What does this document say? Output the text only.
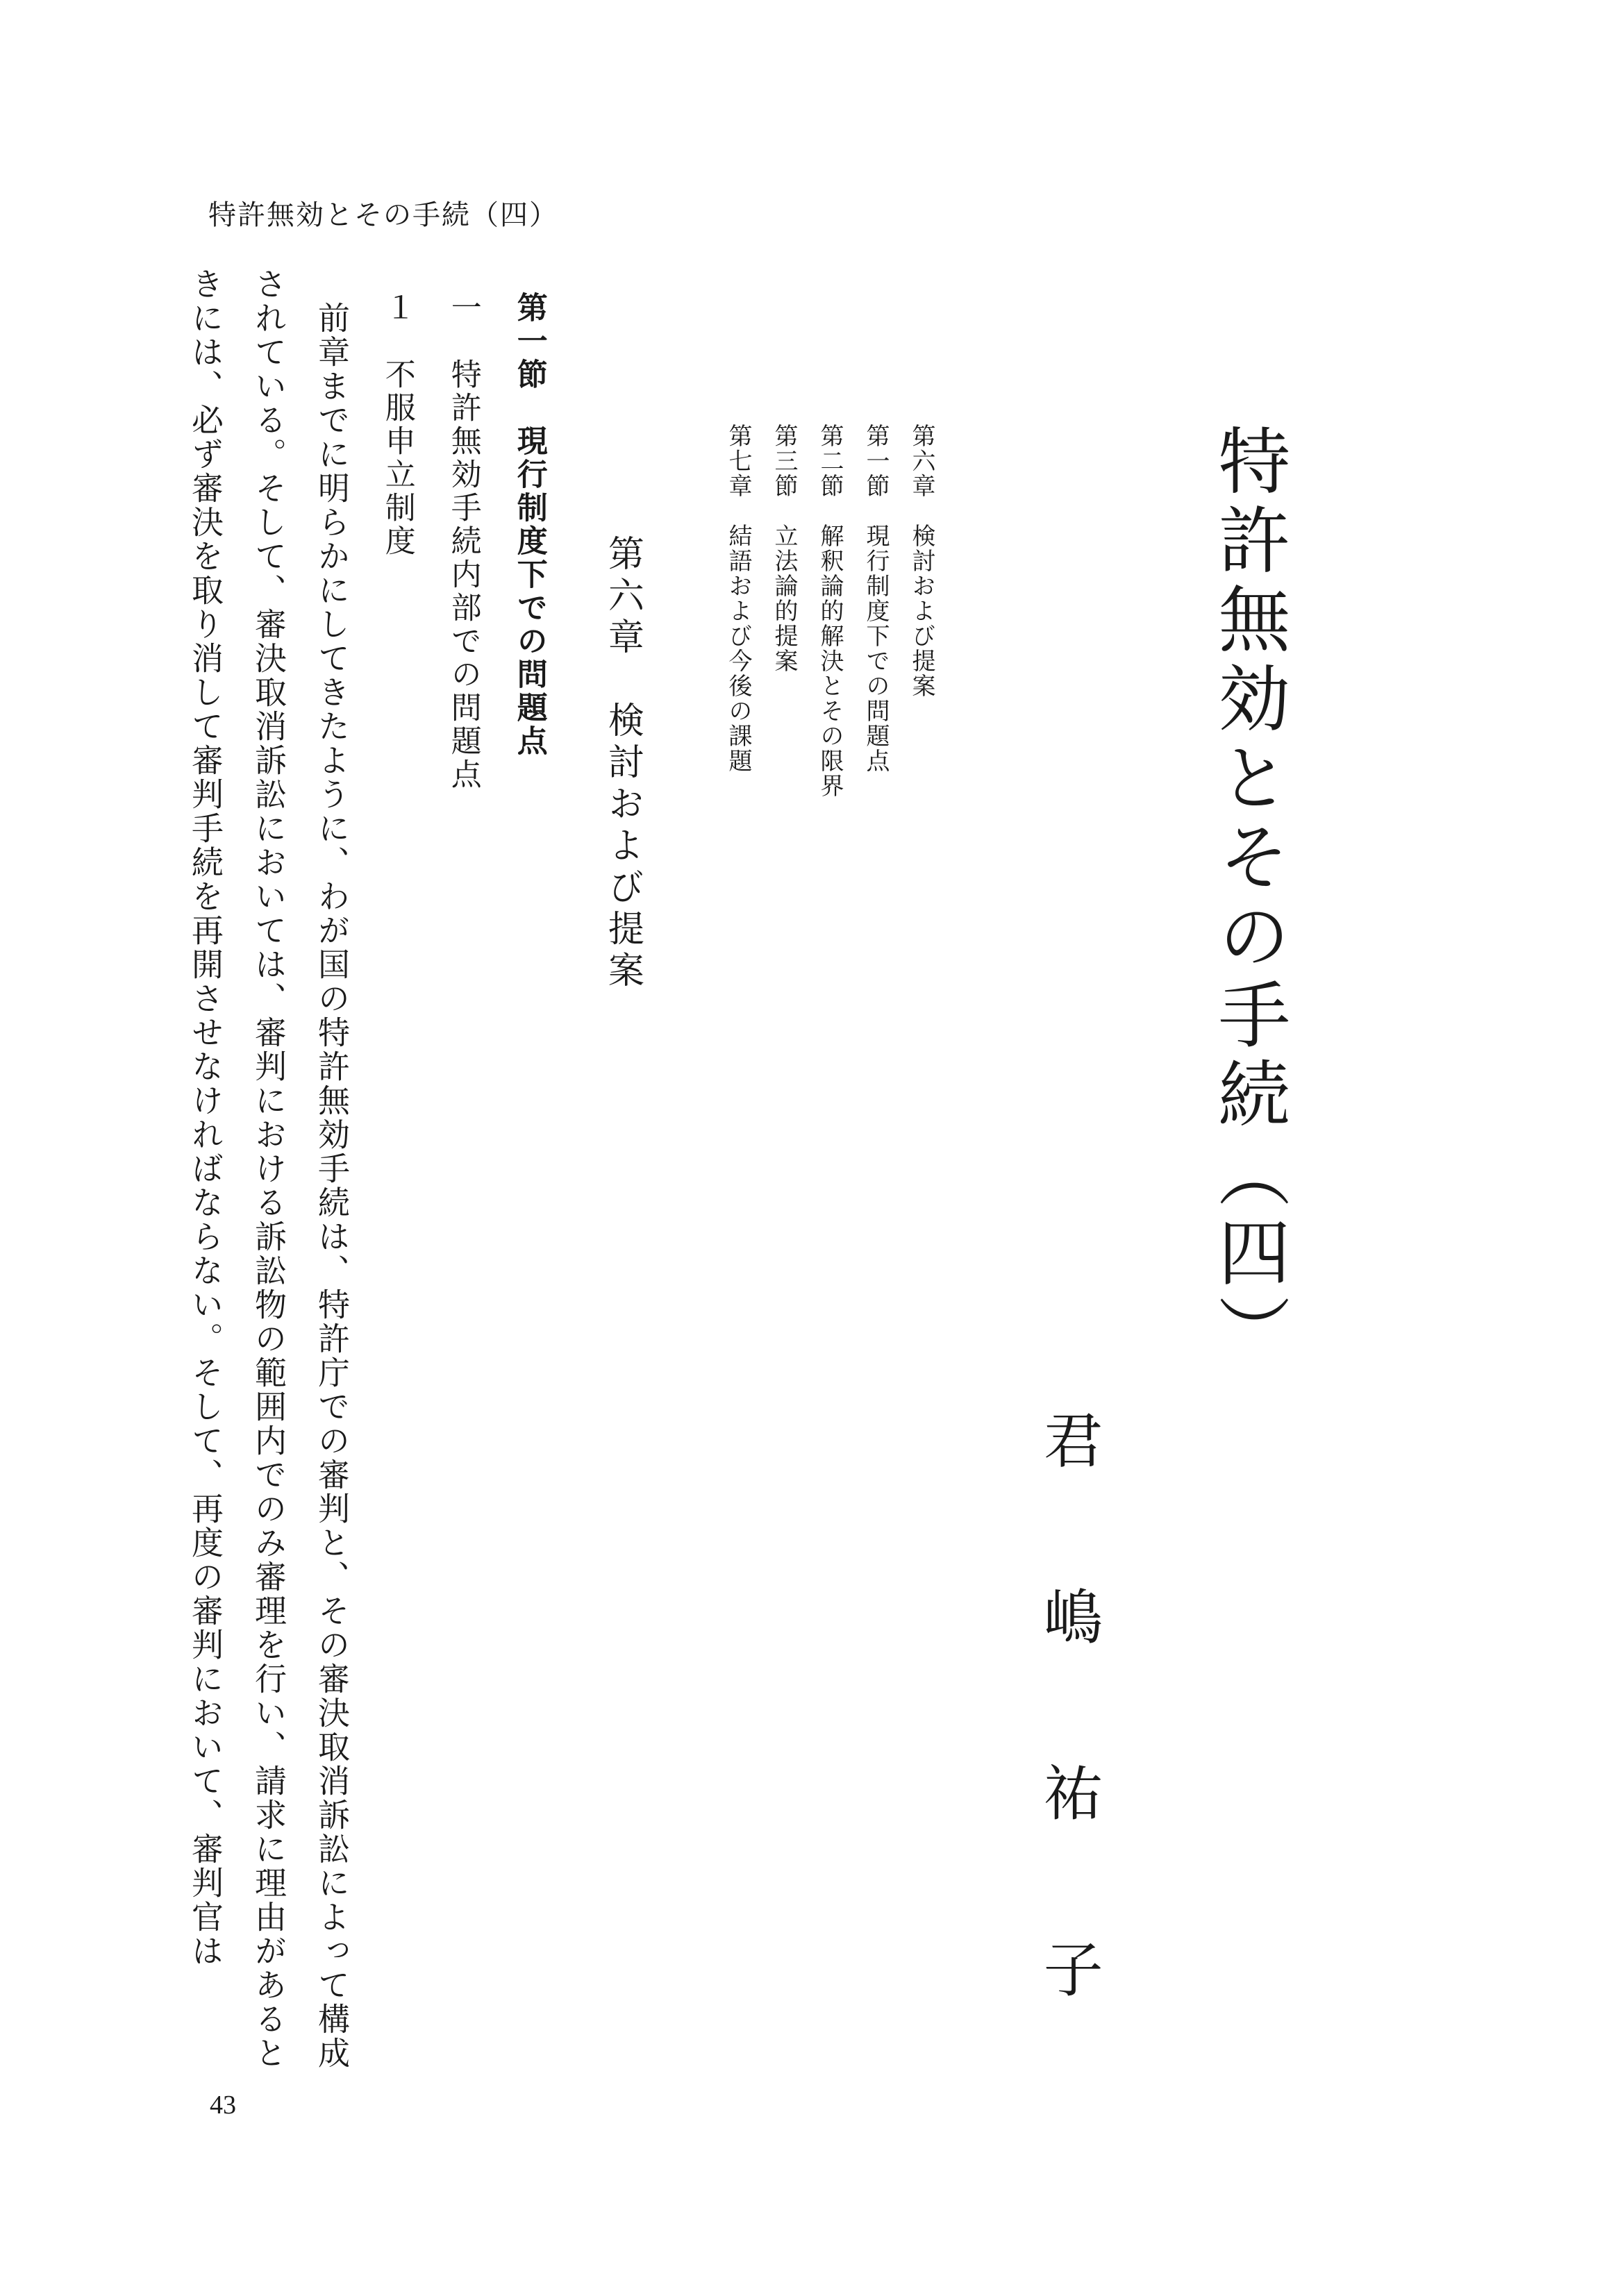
特許無効とその手続（四）
特許無効とその手続（四）
君嶋祐子
第六章　検討および提案
第一節　現行制度下での問題点
第二節　解釈論的解決とその限界
第三節　立法論的提案
第七章　結語および今後の課題
第六章　検討および提案
第一節　現行制度下での問題点
一　特許無効手続内部での問題点
１　不服申立制度

　前章までに明らかにしてきたように、わが国の特許無効手続は、特許庁での審判と、その審決取消訴訟によって構成されている。そして、審決取消訴訟においては、審判における訴訟物の範囲内でのみ審理を行い、請求に理由があるときには、必ず審決を取り消して審判手続を再開させなければならない。そして、再度の審判において、審判官は

43
